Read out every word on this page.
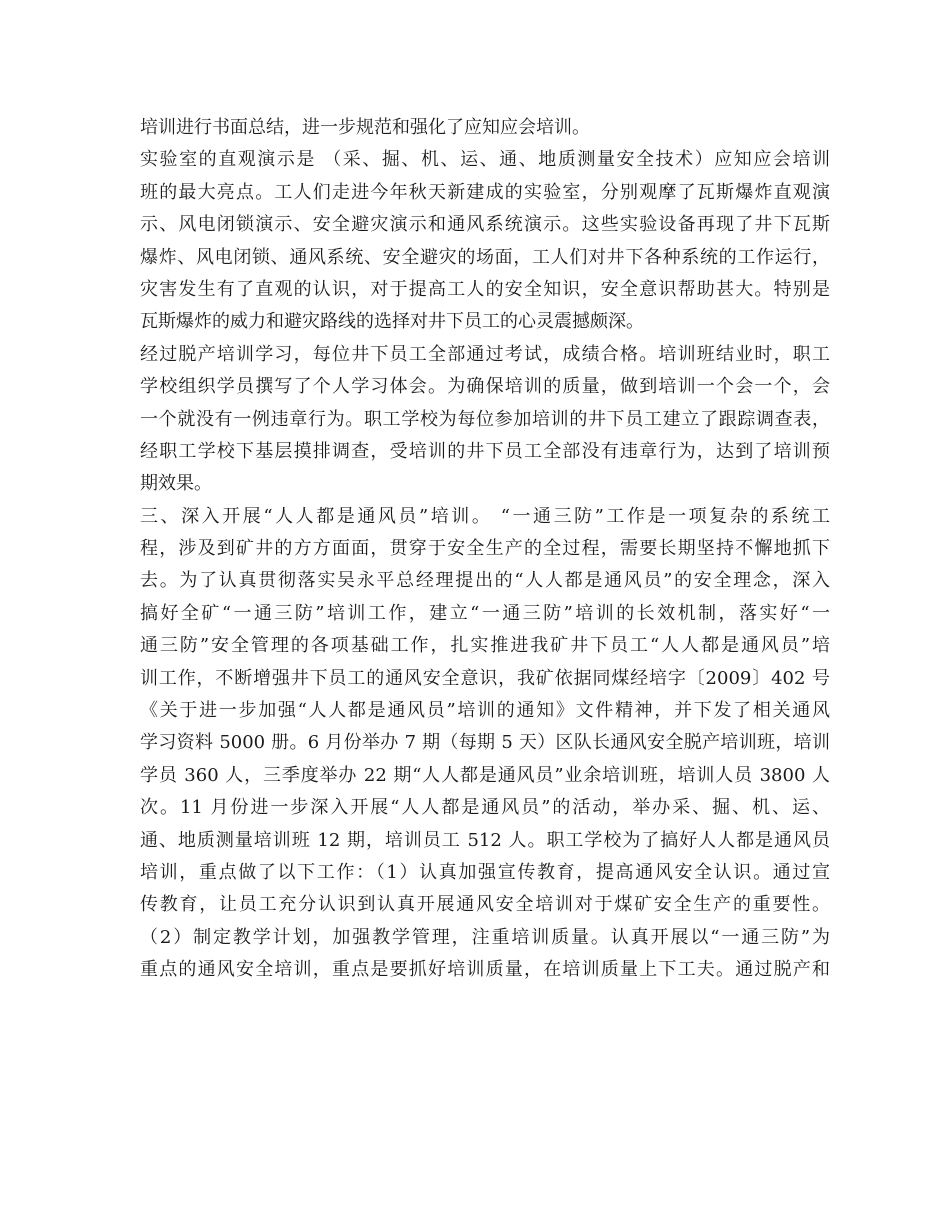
培训进行书面总结，进一步规范和强化了应知应会培训。
实验室的直观演示是 （采、掘、机、运、通、地质测量安全技术）应知应会培训
班的最大亮点。工人们走进今年秋天新建成的实验室，分别观摩了瓦斯爆炸直观演
示、风电闭锁演示、安全避灾演示和通风系统演示。这些实验设备再现了井下瓦斯
爆炸、风电闭锁、通风系统、安全避灾的场面，工人们对井下各种系统的工作运行，
灾害发生有了直观的认识，对于提高工人的安全知识，安全意识帮助甚大。特别是
瓦斯爆炸的威力和避灾路线的选择对井下员工的心灵震撼颇深。
经过脱产培训学习，每位井下员工全部通过考试，成绩合格。培训班结业时，职工
学校组织学员撰写了个人学习体会。为确保培训的质量，做到培训一个会一个，会
一个就没有一例违章行为。职工学校为每位参加培训的井下员工建立了跟踪调查表，
经职工学校下基层摸排调查，受培训的井下员工全部没有违章行为，达到了培训预
期效果。
三、深入开展“人人都是通风员”培训。 “一通三防”工作是一项复杂的系统工
程，涉及到矿井的方方面面，贯穿于安全生产的全过程，需要长期坚持不懈地抓下
去。为了认真贯彻落实吴永平总经理提出的“人人都是通风员”的安全理念，深入
搞好全矿“一通三防”培训工作，建立“一通三防”培训的长效机制，落实好“一
通三防”安全管理的各项基础工作，扎实推进我矿井下员工“人人都是通风员”培
训工作，不断增强井下员工的通风安全意识，我矿依据同煤经培字〔2009〕402 号
《关于进一步加强“人人都是通风员”培训的通知》文件精神，并下发了相关通风
学习资料 5000 册。6 月份举办 7 期（每期 5 天）区队长通风安全脱产培训班，培训
学员 360 人，三季度举办 22 期“人人都是通风员”业余培训班，培训人员 3800 人
次。11 月份进一步深入开展“人人都是通风员”的活动，举办采、掘、机、运、
通、地质测量培训班 12 期，培训员工 512 人。职工学校为了搞好人人都是通风员
培训，重点做了以下工作：（1）认真加强宣传教育，提高通风安全认识。通过宣
传教育，让员工充分认识到认真开展通风安全培训对于煤矿安全生产的重要性。
（2）制定教学计划，加强教学管理，注重培训质量。认真开展以“一通三防”为
重点的通风安全培训，重点是要抓好培训质量，在培训质量上下工夫。通过脱产和
